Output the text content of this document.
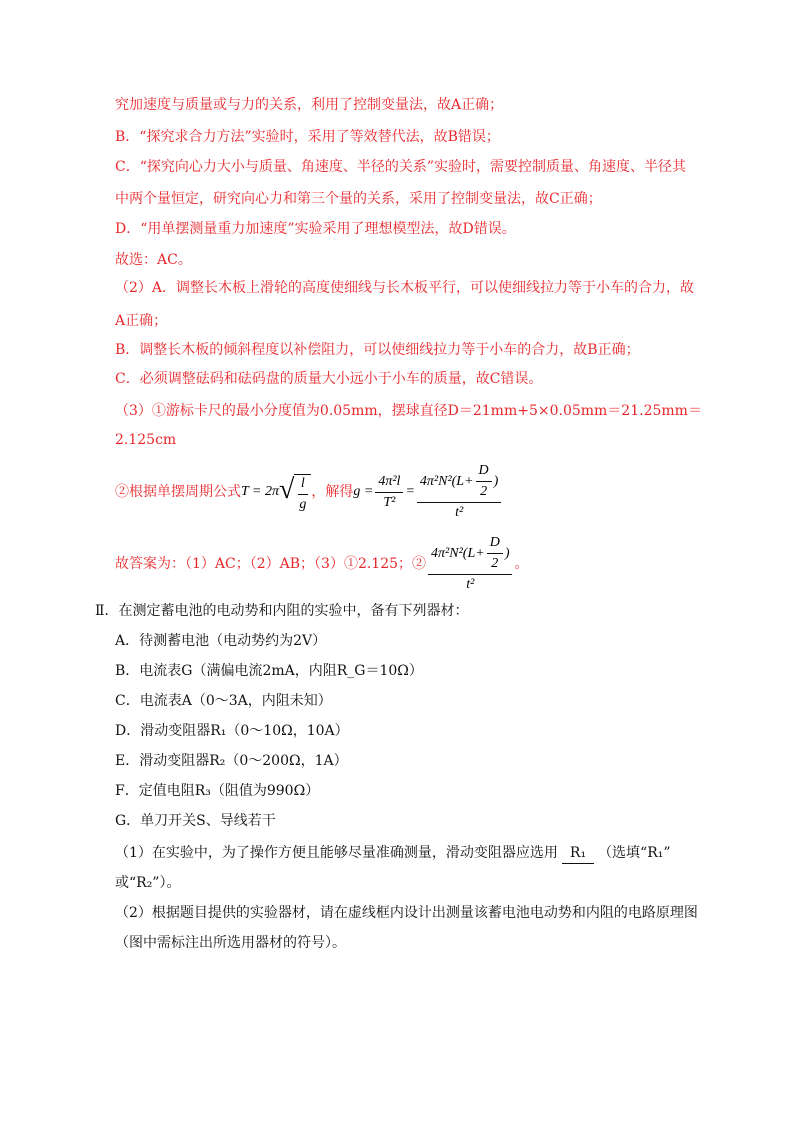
究加速度与质量或与力的关系，利用了控制变量法，故A正确；
B．“探究求合力方法”实验时，采用了等效替代法，故B错误；
C．“探究向心力大小与质量、角速度、半径的关系”实验时，需要控制质量、角速度、半径其
中两个量恒定，研究向心力和第三个量的关系，采用了控制变量法，故C正确；
D．“用单摆测量重力加速度”实验采用了理想模型法，故D错误。
故选：AC。
（2）A．调整长木板上滑轮的高度使细线与长木板平行，可以使细线拉力等于小车的合力，故
A正确；
B．调整长木板的倾斜程度以补偿阻力，可以使细线拉力等于小车的合力，故B正确；
C．必须调整砝码和砝码盘的质量大小远小于小车的质量，故C错误。
（3）①游标卡尺的最小分度值为0.05mm，摆球直径D＝21mm+5×0.05mm＝21.25mm＝
2.125cm
②根据单摆周期公式 T = 2π √ $\frac{l}{g}$ ，解得 $g = \frac{\text{4π²l}}{\text{T²}} = \frac{4\pi^2N^2(L+ \frac{D}{2} )}{\text{t²}}$
故答案为：（1）AC；（2）AB；（3）①2.125；② $\frac{4\pi^2N^2(L+ \frac{D}{2} )}{\text{t²}}$ 。
Ⅱ．在测定蓄电池的电动势和内阻的实验中，备有下列器材：
A．待测蓄电池（电动势约为2V）
B．电流表G（满偏电流2mA，内阻R_G＝10Ω）
C．电流表A（0～3A，内阻未知）
D．滑动变阻器R₁（0～10Ω，10A）
E．滑动变阻器R₂（0～200Ω，1A）
F．定值电阻R₃（阻值为990Ω）
G．单刀开关S、导线若干
（1）在实验中，为了操作方便且能够尽量准确测量，滑动变阻器应选用 R₁ （选填“R₁”
或“R₂”）。
（2）根据题目提供的实验器材，请在虚线框内设计出测量该蓄电池电动势和内阻的电路原理图
（图中需标注出所选用器材的符号）。
